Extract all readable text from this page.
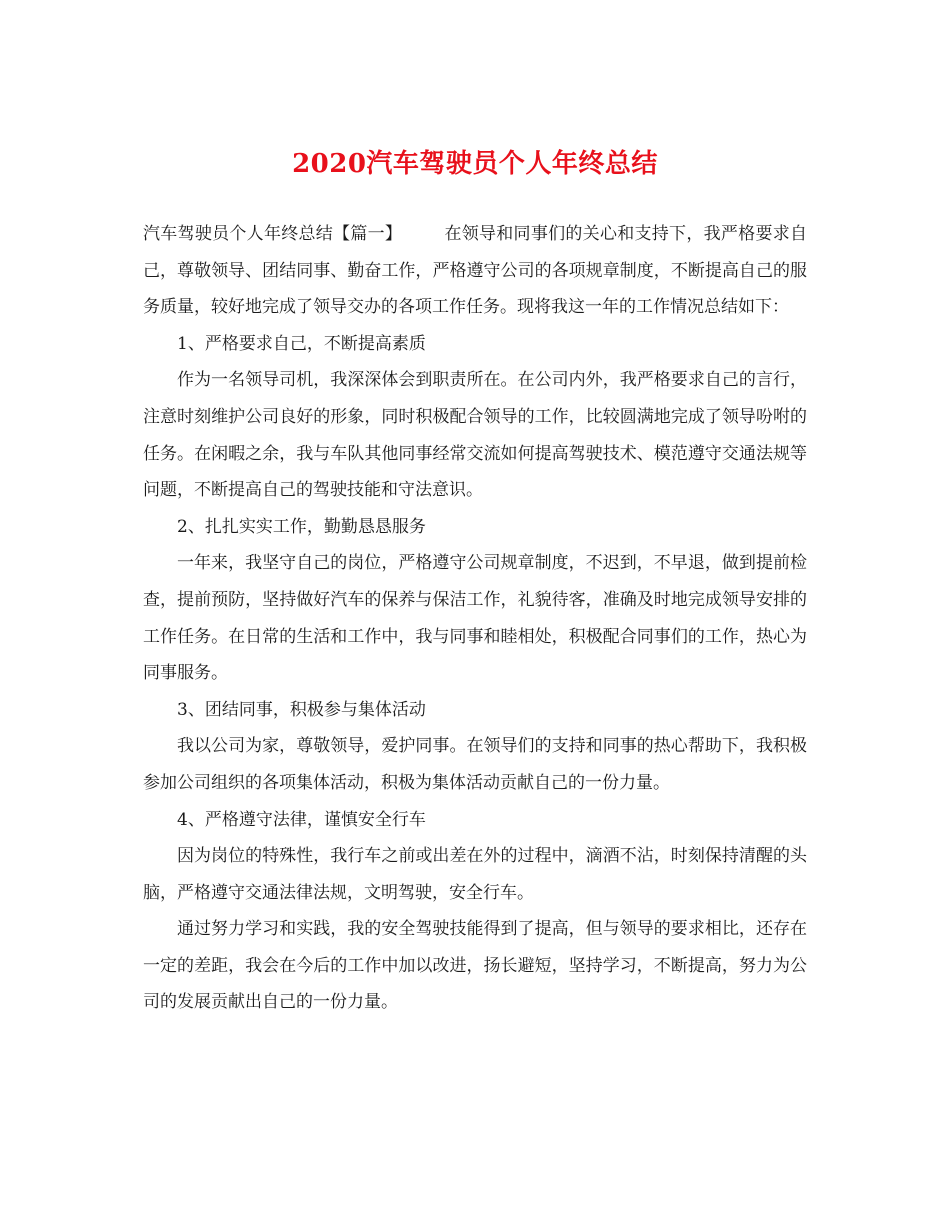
2020汽车驾驶员个人年终总结

汽车驾驶员个人年终总结【篇一】 在领导和同事们的关心和支持下，我严格要求自己，尊敬领导、团结同事、勤奋工作，严格遵守公司的各项规章制度，不断提高自己的服务质量，较好地完成了领导交办的各项工作任务。现将我这一年的工作情况总结如下：

1、严格要求自己，不断提高素质

作为一名领导司机，我深深体会到职责所在。在公司内外，我严格要求自己的言行，注意时刻维护公司良好的形象，同时积极配合领导的工作，比较圆满地完成了领导吩咐的任务。在闲暇之余，我与车队其他同事经常交流如何提高驾驶技术、模范遵守交通法规等问题，不断提高自己的驾驶技能和守法意识。

2、扎扎实实工作，勤勤恳恳服务

一年来，我坚守自己的岗位，严格遵守公司规章制度，不迟到，不早退，做到提前检查，提前预防，坚持做好汽车的保养与保洁工作，礼貌待客，准确及时地完成领导安排的工作任务。在日常的生活和工作中，我与同事和睦相处，积极配合同事们的工作，热心为同事服务。

3、团结同事，积极参与集体活动

我以公司为家，尊敬领导，爱护同事。在领导们的支持和同事的热心帮助下，我积极参加公司组织的各项集体活动，积极为集体活动贡献自己的一份力量。

4、严格遵守法律，谨慎安全行车

因为岗位的特殊性，我行车之前或出差在外的过程中，滴酒不沾，时刻保持清醒的头脑，严格遵守交通法律法规，文明驾驶，安全行车。

通过努力学习和实践，我的安全驾驶技能得到了提高，但与领导的要求相比，还存在一定的差距，我会在今后的工作中加以改进，扬长避短，坚持学习，不断提高，努力为公司的发展贡献出自己的一份力量。
